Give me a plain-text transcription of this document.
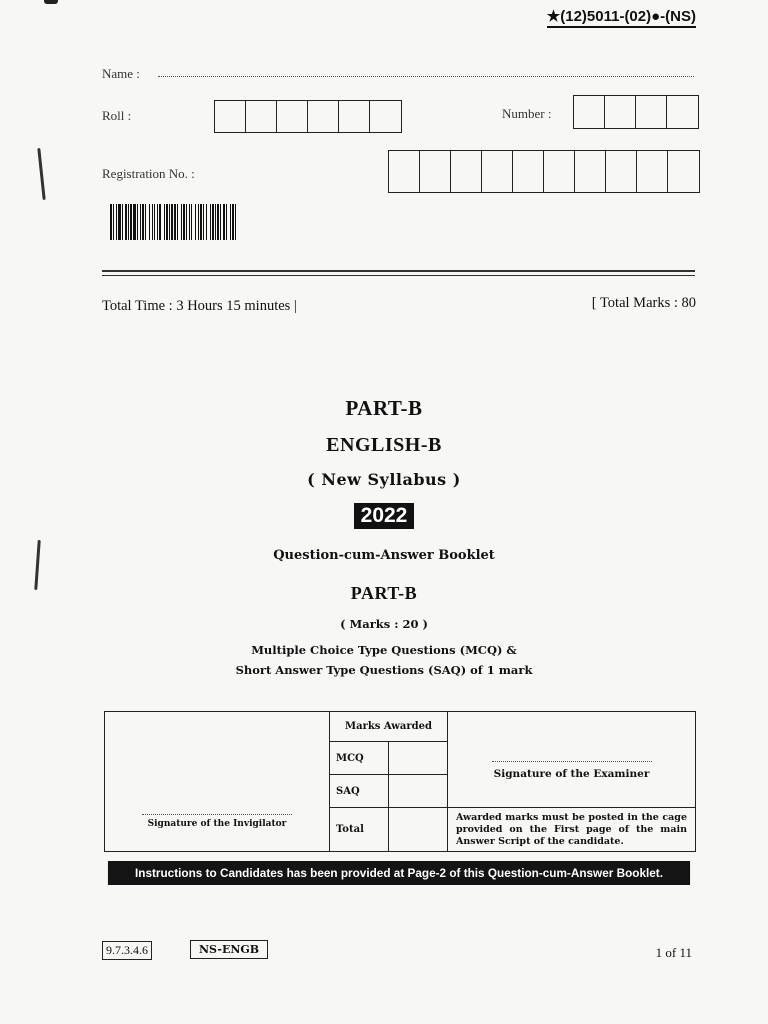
★(12)5011-(02)●-(NS)
Name :
Roll :	Number :
Registration No. :
Total Time : 3 Hours 15 minutes |	[ Total Marks : 80
PART-B
ENGLISH-B
( New Syllabus )
2022
Question-cum-Answer Booklet
PART-B
( Marks : 20 )
Multiple Choice Type Questions (MCQ) &
Short Answer Type Questions (SAQ) of 1 mark
Signature of the Invigilator	Marks Awarded		Signature of the Examiner

	MCQ		
	SAQ		
	Total		Awarded marks must be posted in the cage provided on the First page of the main Answer Script of the candidate.
Instructions to Candidates has been provided at Page-2 of this Question-cum-Answer Booklet.
9.7.3.4.6	NS-ENGB	1 of 11
